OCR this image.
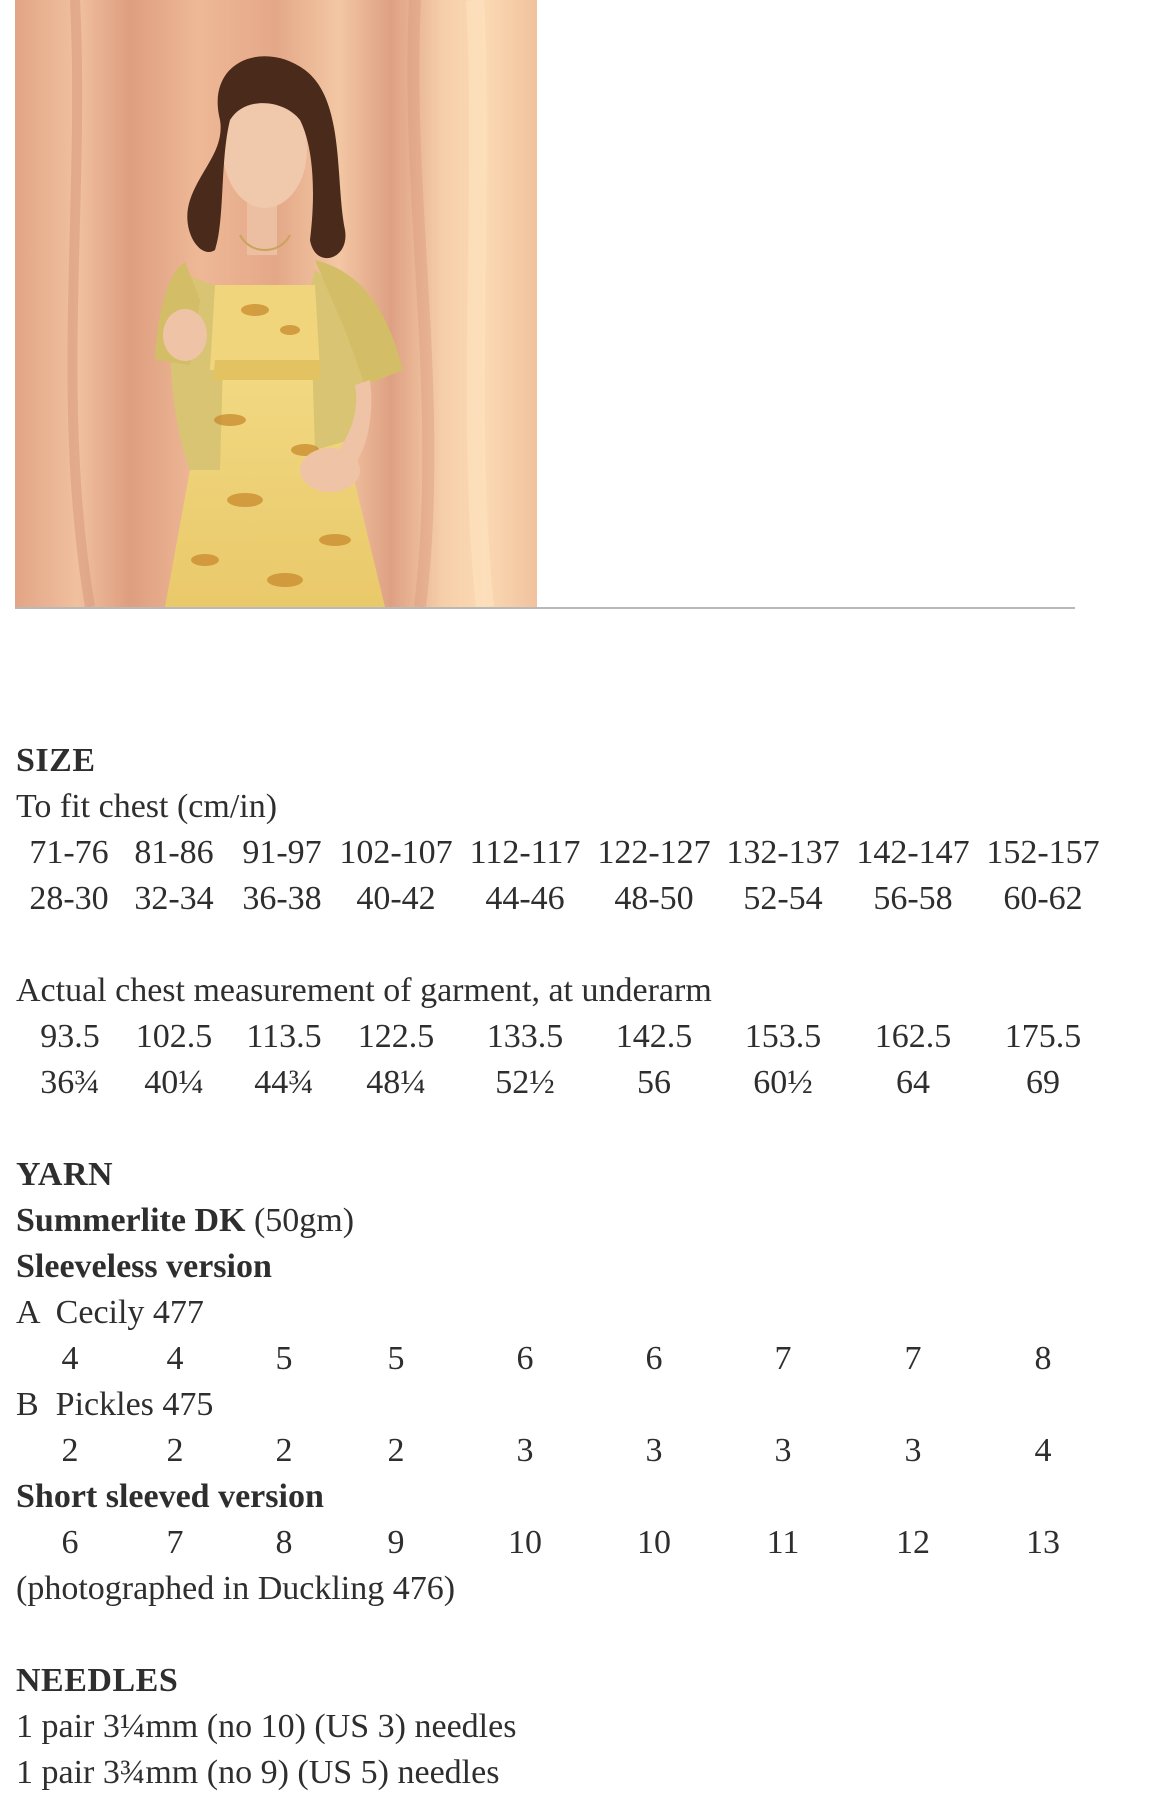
SIZE
To fit chest (cm/in)
71-76 81-86 91-97 102-107 112-117 122-127 132-137 142-147 152-157
28-30 32-34 36-38	40-42	44-46	48-50	52-54	56-58	60-62
Actual chest measurement of garment, at underarm
93.5	102.5	113.5	122.5	133.5	142.5	153.5	162.5	175.5
36¾	40¼	44¾	48¼	52½	56	60½	64	69
YARN
Summerlite DK (50gm)
Sleeveless version
A  Cecily 477
4	4	5	5	6	6	7	7	8
B  Pickles 475
2	2	2	2	3	3	3	3	4
Short sleeved version
6	7	8	9	10	10	11	12	13
(photographed in Duckling 476)
NEEDLES
1 pair 3¼mm (no 10) (US 3) needles
1 pair 3¾mm (no 9) (US 5) needles
